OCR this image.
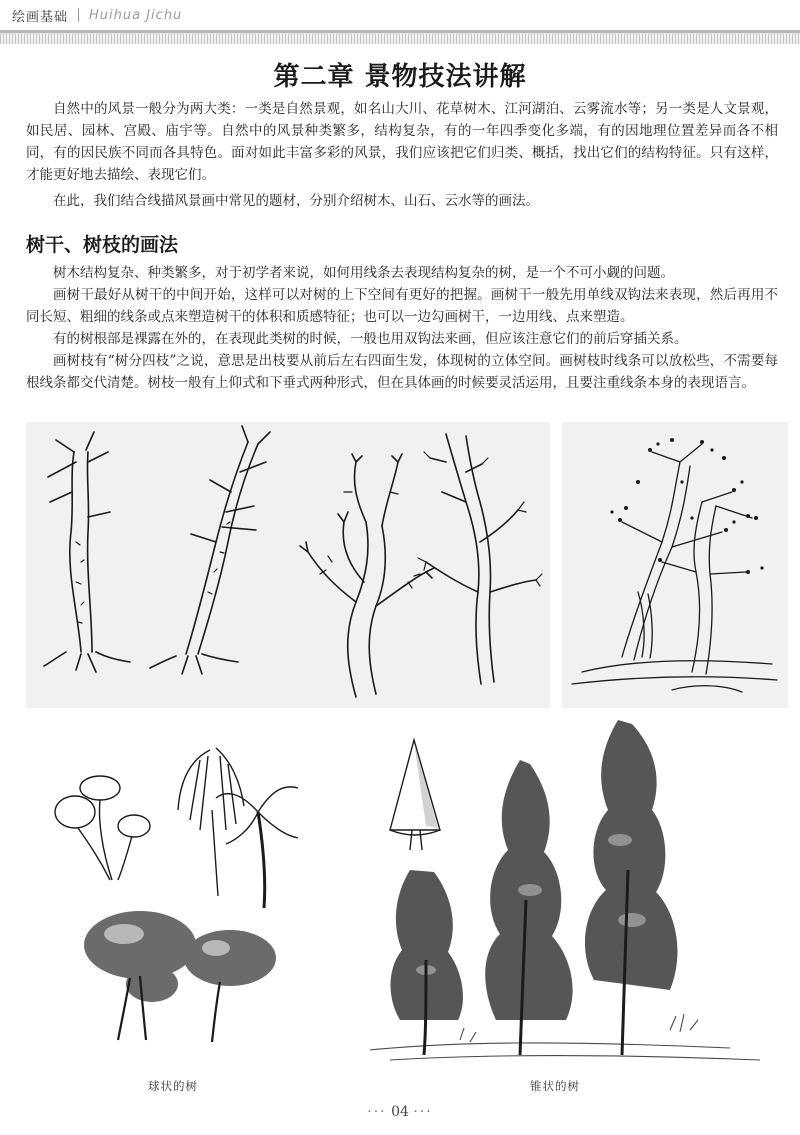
绘画基础 Huihua Jichu
第二章 景物技法讲解

自然中的风景一般分为两大类：一类是自然景观，如名山大川、花草树木、江河湖泊、云雾流水等；另一类是人文景观，如民居、园林、宫殿、庙宇等。自然中的风景种类繁多，结构复杂，有的一年四季变化多端，有的因地理位置差异而各不相同，有的因民族不同而各具特色。面对如此丰富多彩的风景，我们应该把它们归类、概括，找出它们的结构特征。只有这样，才能更好地去描绘、表现它们。

在此，我们结合线描风景画中常见的题材，分别介绍树木、山石、云水等的画法。

树干、树枝的画法

树木结构复杂、种类繁多，对于初学者来说，如何用线条去表现结构复杂的树，是一个不可小觑的问题。

画树干最好从树干的中间开始，这样可以对树的上下空间有更好的把握。画树干一般先用单线双钩法来表现，然后再用不同长短、粗细的线条或点来塑造树干的体积和质感特征；也可以一边勾画树干，一边用线、点来塑造。

有的树根部是裸露在外的，在表现此类树的时候，一般也用双钩法来画，但应该注意它们的前后穿插关系。

画树枝有“树分四枝”之说，意思是出枝要从前后左右四面生发，体现树的立体空间。画树枝时线条可以放松些，不需要每根线条都交代清楚。树枝一般有上仰式和下垂式两种形式，但在具体画的时候要灵活运用，且要注重线条本身的表现语言。

球状的树	锥状的树
··· 04 ···
